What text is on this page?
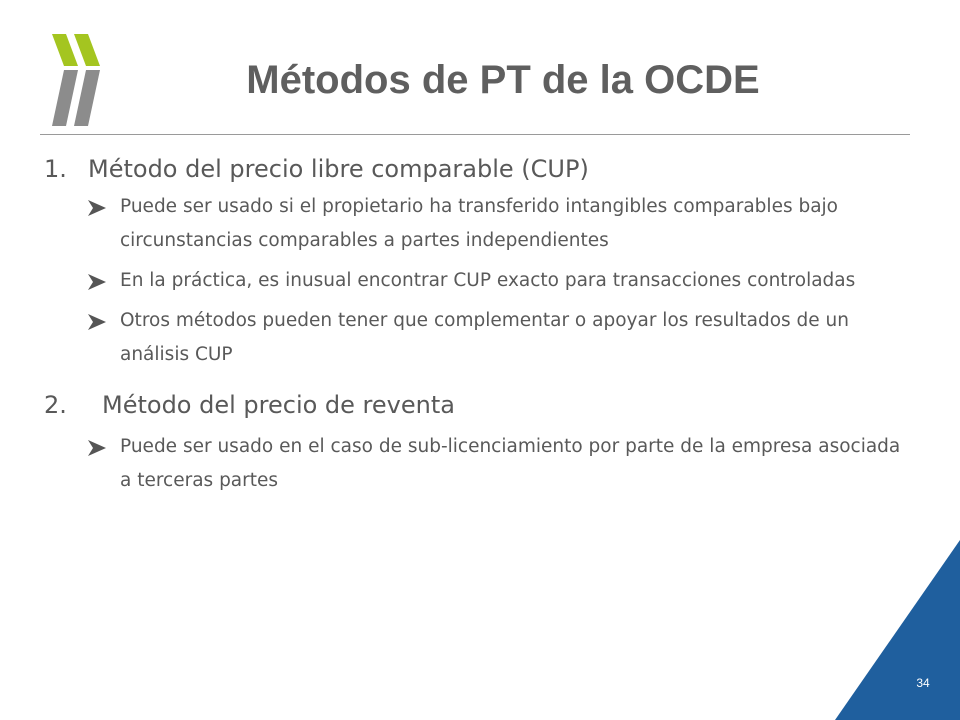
Métodos de PT de la OCDE

1. Método del precio libre comparable (CUP)

Puede ser usado si el propietario ha transferido intangibles comparables bajo circunstancias comparables a partes independientes
En la práctica, es inusual encontrar CUP exacto para transacciones controladas
Otros métodos pueden tener que complementar o apoyar los resultados de un análisis CUP

2. Método del precio de reventa

Puede ser usado en el caso de sub-licenciamiento por parte de la empresa asociada a terceras partes
34
